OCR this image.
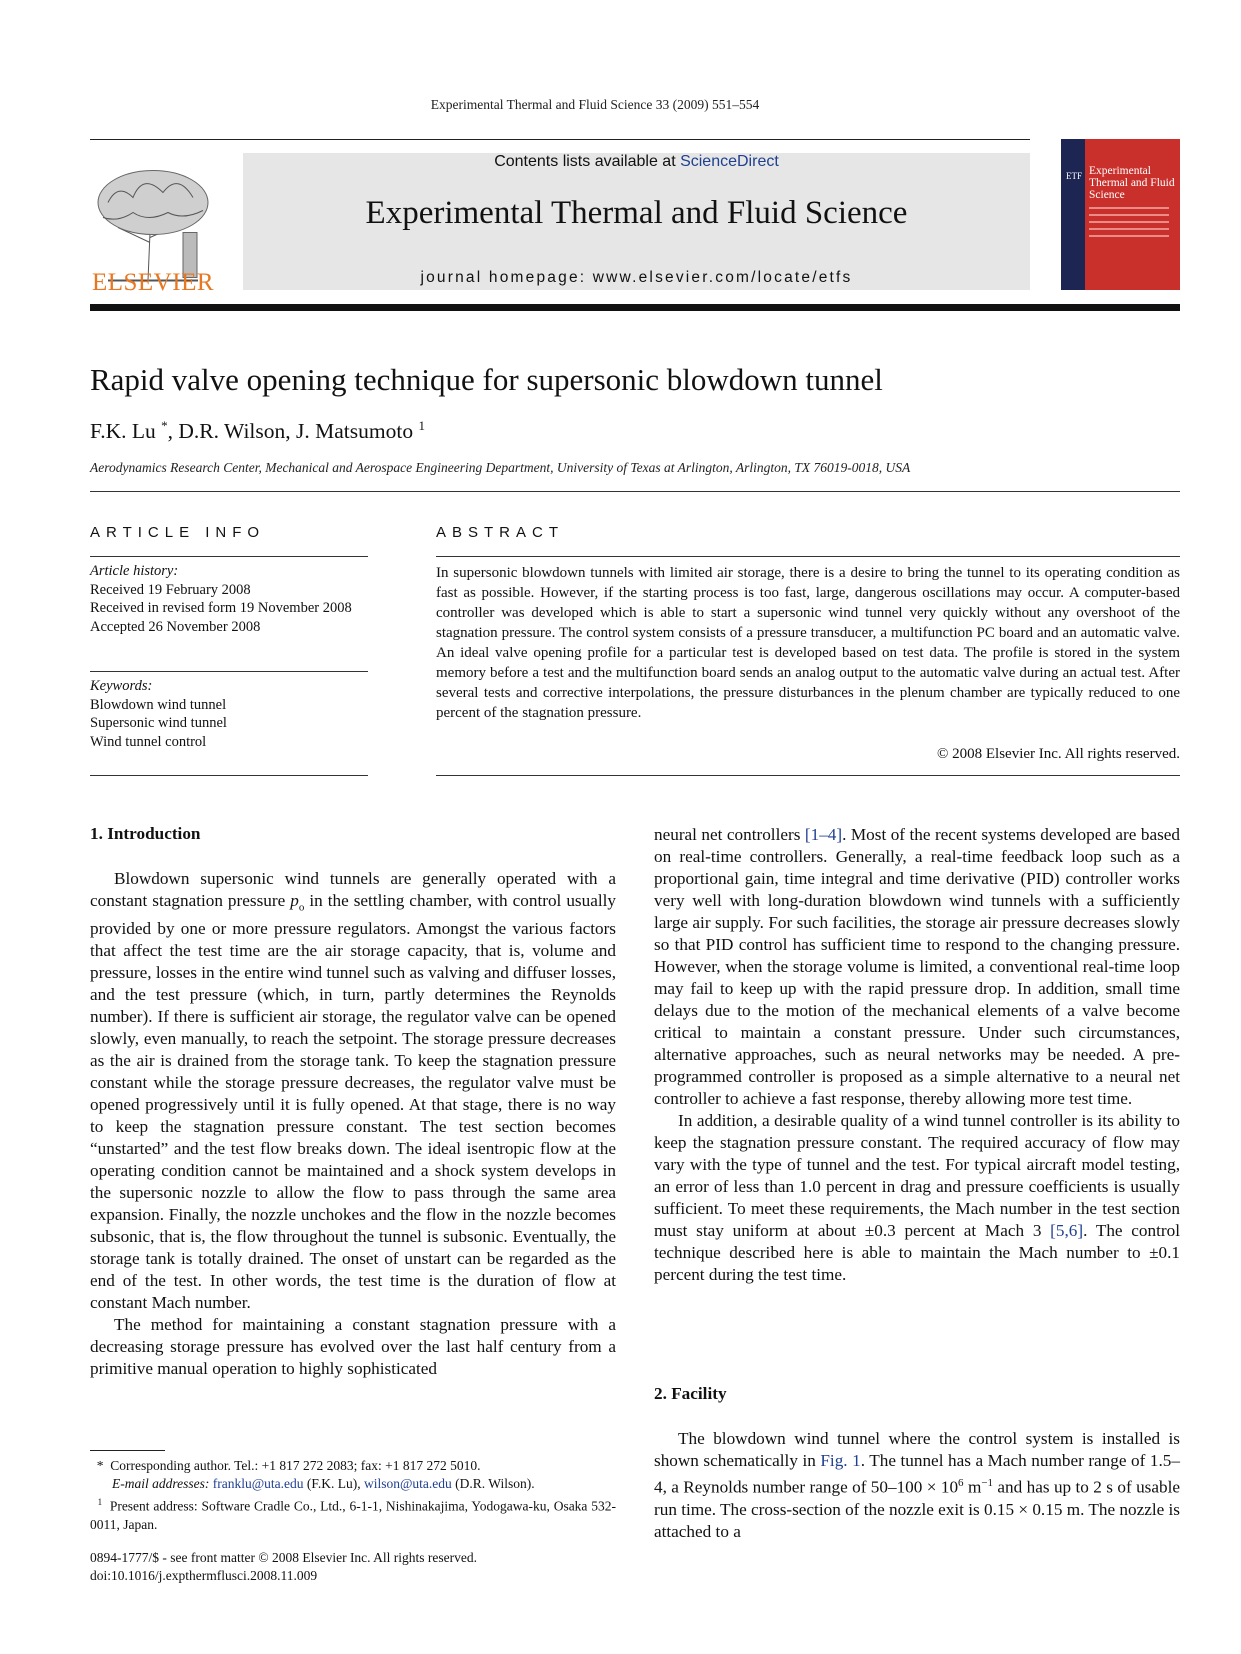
Experimental Thermal and Fluid Science 33 (2009) 551–554
ELSEVIER
Contents lists available at ScienceDirect
Experimental Thermal and Fluid Science
journal homepage: www.elsevier.com/locate/etfs
ETF Experimental Thermal and Fluid Science
Rapid valve opening technique for supersonic blowdown tunnel
F.K. Lu *, D.R. Wilson, J. Matsumoto $^1$
Aerodynamics Research Center, Mechanical and Aerospace Engineering Department, University of Texas at Arlington, Arlington, TX 76019-0018, USA
ARTICLE INFO
Article history:
Received 19 February 2008
Received in revised form 19 November 2008
Accepted 26 November 2008
Keywords:
Blowdown wind tunnel
Supersonic wind tunnel
Wind tunnel control
ABSTRACT
In supersonic blowdown tunnels with limited air storage, there is a desire to bring the tunnel to its operating condition as fast as possible. However, if the starting process is too fast, large, dangerous oscillations may occur. A computer-based controller was developed which is able to start a supersonic wind tunnel very quickly without any overshoot of the stagnation pressure. The control system consists of a pressure transducer, a multifunction PC board and an automatic valve. An ideal valve opening profile for a particular test is developed based on test data. The profile is stored in the system memory before a test and the multifunction board sends an analog output to the automatic valve during an actual test. After several tests and corrective interpolations, the pressure disturbances in the plenum chamber are typically reduced to one percent of the stagnation pressure.
© 2008 Elsevier Inc. All rights reserved.
1. Introduction

Blowdown supersonic wind tunnels are generally operated with a constant stagnation pressure $p_o$ in the settling chamber, with control usually provided by one or more pressure regulators. Amongst the various factors that affect the test time are the air storage capacity, that is, volume and pressure, losses in the entire wind tunnel such as valving and diffuser losses, and the test pressure (which, in turn, partly determines the Reynolds number). If there is sufficient air storage, the regulator valve can be opened slowly, even manually, to reach the setpoint. The storage pressure decreases as the air is drained from the storage tank. To keep the stagnation pressure constant while the storage pressure decreases, the regulator valve must be opened progressively until it is fully opened. At that stage, there is no way to keep the stagnation pressure constant. The test section becomes “unstarted” and the test flow breaks down. The ideal isentropic flow at the operating condition cannot be maintained and a shock system develops in the supersonic nozzle to allow the flow to pass through the same area expansion. Finally, the nozzle unchokes and the flow in the nozzle becomes subsonic, that is, the flow throughout the tunnel is subsonic. Eventually, the storage tank is totally drained. The onset of unstart can be regarded as the end of the test. In other words, the test time is the duration of flow at constant Mach number.

The method for maintaining a constant stagnation pressure with a decreasing storage pressure has evolved over the last half century from a primitive manual operation to highly sophisticated

neural net controllers [1–4]. Most of the recent systems developed are based on real-time controllers. Generally, a real-time feedback loop such as a proportional gain, time integral and time derivative (PID) controller works very well with long-duration blowdown wind tunnels with a sufficiently large air supply. For such facilities, the storage air pressure decreases slowly so that PID control has sufficient time to respond to the changing pressure. However, when the storage volume is limited, a conventional real-time loop may fail to keep up with the rapid pressure drop. In addition, small time delays due to the motion of the mechanical elements of a valve become critical to maintain a constant pressure. Under such circumstances, alternative approaches, such as neural networks may be needed. A pre-programmed controller is proposed as a simple alternative to a neural net controller to achieve a fast response, thereby allowing more test time.

In addition, a desirable quality of a wind tunnel controller is its ability to keep the stagnation pressure constant. The required accuracy of flow may vary with the type of tunnel and the test. For typical aircraft model testing, an error of less than 1.0 percent in drag and pressure coefficients is usually sufficient. To meet these requirements, the Mach number in the test section must stay uniform at about ±0.3 percent at Mach 3 [5,6]. The control technique described here is able to maintain the Mach number to ±0.1 percent during the test time.

2. Facility

The blowdown wind tunnel where the control system is installed is shown schematically in Fig. 1. The tunnel has a Mach number range of 1.5–4, a Reynolds number range of $50-100 \times 10^6$ $m^{-1}$ and has up to 2 s of usable run time. The cross-section of the nozzle exit is 0.15 × 0.15 m. The nozzle is attached to a

*  Corresponding author. Tel.: +1 817 272 2083; fax: +1 817 272 5010.
E-mail addresses: franklu@uta.edu (F.K. Lu), wilson@uta.edu (D.R. Wilson).
$^1$ Present address: Software Cradle Co., Ltd., 6-1-1, Nishinakajima, Yodogawa-ku, Osaka 532-0011, Japan.
0894-1777/$ - see front matter © 2008 Elsevier Inc. All rights reserved.
doi:10.1016/j.expthermflusci.2008.11.009
